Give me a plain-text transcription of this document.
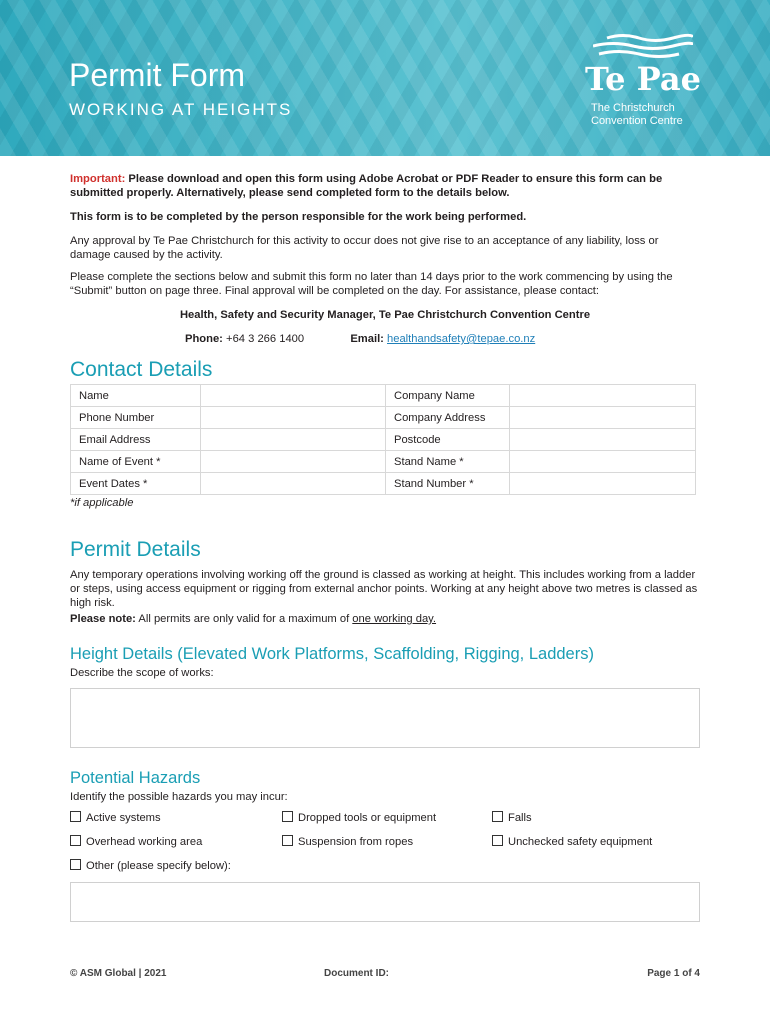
Permit Form
WORKING AT HEIGHTS
Te Pae
The Christchurch
Convention Centre

Important: Please download and open this form using Adobe Acrobat or PDF Reader to ensure this form can be submitted properly. Alternatively, please send completed form to the details below.

This form is to be completed by the person responsible for the work being performed.

Any approval by Te Pae Christchurch for this activity to occur does not give rise to an acceptance of any liability, loss or damage caused by the activity.

Please complete the sections below and submit this form no later than 14 days prior to the work commencing by using the “Submit” button on page three. Final approval will be completed on the day. For assistance, please contact:

Health, Safety and Security Manager, Te Pae Christchurch Convention Centre

Phone: +64 3 266 1400	Email: healthandsafety@tepae.co.nz

Contact Details
Name		Company Name	
Phone Number		Company Address	
Email Address		Postcode	
Name of Event *		Stand Name *	
Event Dates *		Stand Number *	

*if applicable

Permit Details

Any temporary operations involving working off the ground is classed as working at height. This includes working from a ladder or steps, using access equipment or rigging from external anchor points. Working at any height above two metres is classed as high risk.

Please note: All permits are only valid for a maximum of one working day.

Height Details (Elevated Work Platforms, Scaffolding, Rigging, Ladders)

Describe the scope of works:

Potential Hazards

Identify the possible hazards you may incur:

Active systems	Dropped tools or equipment	Falls
Overhead working area	Suspension from ropes	Unchecked safety equipment
Other (please specify below):
© ASM Global | 2021	Document ID:	Page 1 of 4
